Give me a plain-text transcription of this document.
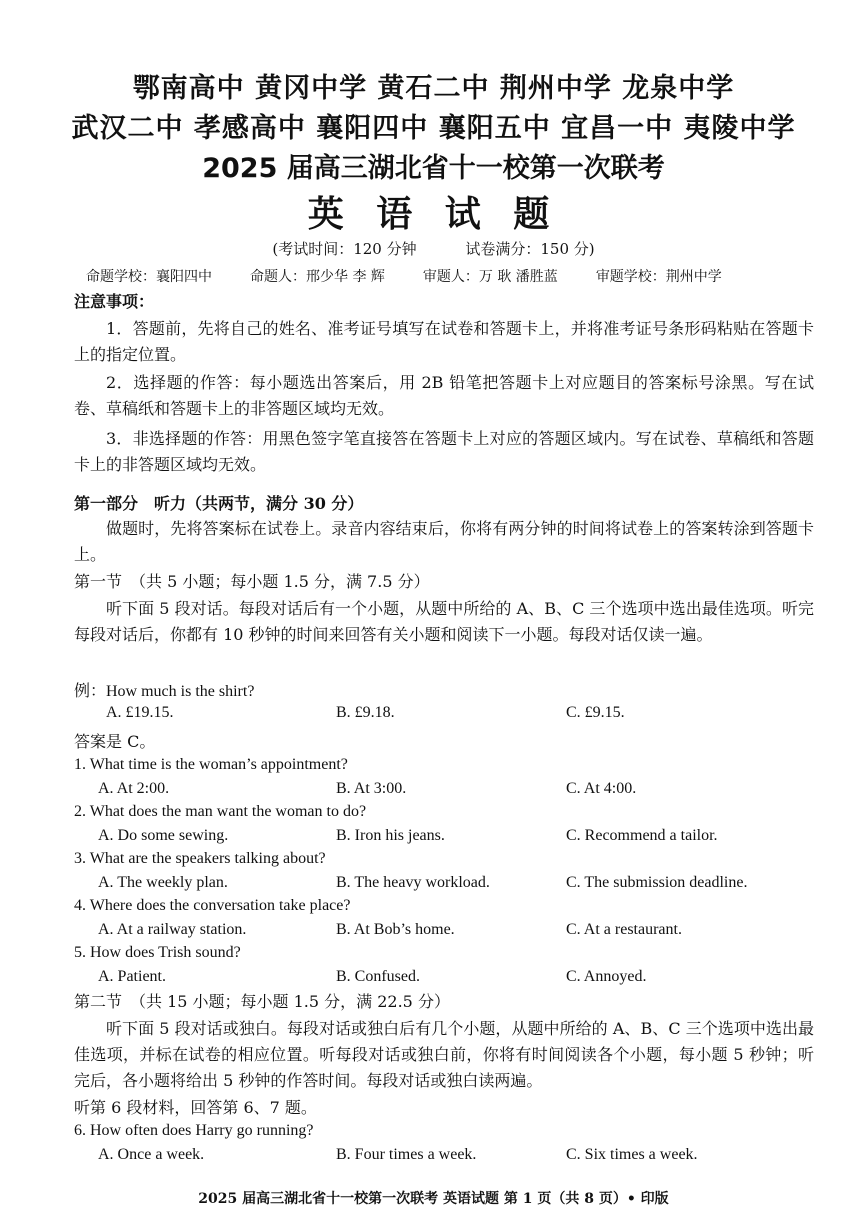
鄂南高中 黄冈中学 黄石二中 荆州中学 龙泉中学
武汉二中 孝感高中 襄阳四中 襄阳五中 宜昌一中 夷陵中学
2025 届高三湖北省十一校第一次联考
英 语 试 题
(考试时间：120 分钟	试卷满分：150 分)
命题学校：襄阳四中	命题人：邢少华 李 辉	审题人：万 耿 潘胜蓝	审题学校：荆州中学
注意事项：
1．答题前，先将自己的姓名、准考证号填写在试卷和答题卡上，并将准考证号条形码粘贴在答题卡上的指定位置。
2．选择题的作答：每小题选出答案后，用 2B 铅笔把答题卡上对应题目的答案标号涂黑。写在试卷、草稿纸和答题卡上的非答题区域均无效。
3．非选择题的作答：用黑色签字笔直接答在答题卡上对应的答题区域内。写在试卷、草稿纸和答题卡上的非答题区域均无效。
第一部分　听力（共两节，满分 30 分）
做题时，先将答案标在试卷上。录音内容结束后，你将有两分钟的时间将试卷上的答案转涂到答题卡上。
第一节　（共 5 小题；每小题 1.5 分，满 7.5 分）
听下面 5 段对话。每段对话后有一个小题，从题中所给的 A、B、C 三个选项中选出最佳选项。听完每段对话后，你都有 10 秒钟的时间来回答有关小题和阅读下一小题。每段对话仅读一遍。
例：How much is the shirt?
A. £19.15.	B. £9.18.	C. £9.15.
答案是 C。
1. What time is the woman’s appointment?
A. At 2:00.	B. At 3:00.	C. At 4:00.
2. What does the man want the woman to do?
A. Do some sewing.	B. Iron his jeans.	C. Recommend a tailor.
3. What are the speakers talking about?
A. The weekly plan.	B. The heavy workload.	C. The submission deadline.
4. Where does the conversation take place?
A. At a railway station.	B. At Bob’s home.	C. At a restaurant.
5. How does Trish sound?
A. Patient.	B. Confused.	C. Annoyed.
第二节　（共 15 小题；每小题 1.5 分，满 22.5 分）
听下面 5 段对话或独白。每段对话或独白后有几个小题，从题中所给的 A、B、C 三个选项中选出最佳选项，并标在试卷的相应位置。听每段对话或独白前，你将有时间阅读各个小题，每小题 5 秒钟；听完后，各小题将给出 5 秒钟的作答时间。每段对话或独白读两遍。
听第 6 段材料，回答第 6、7 题。
6. How often does Harry go running?
A. Once a week.	B. Four times a week.	C. Six times a week.
2025 届高三湖北省十一校第一次联考 英语试题 第 1 页（共 8 页）• 印版
